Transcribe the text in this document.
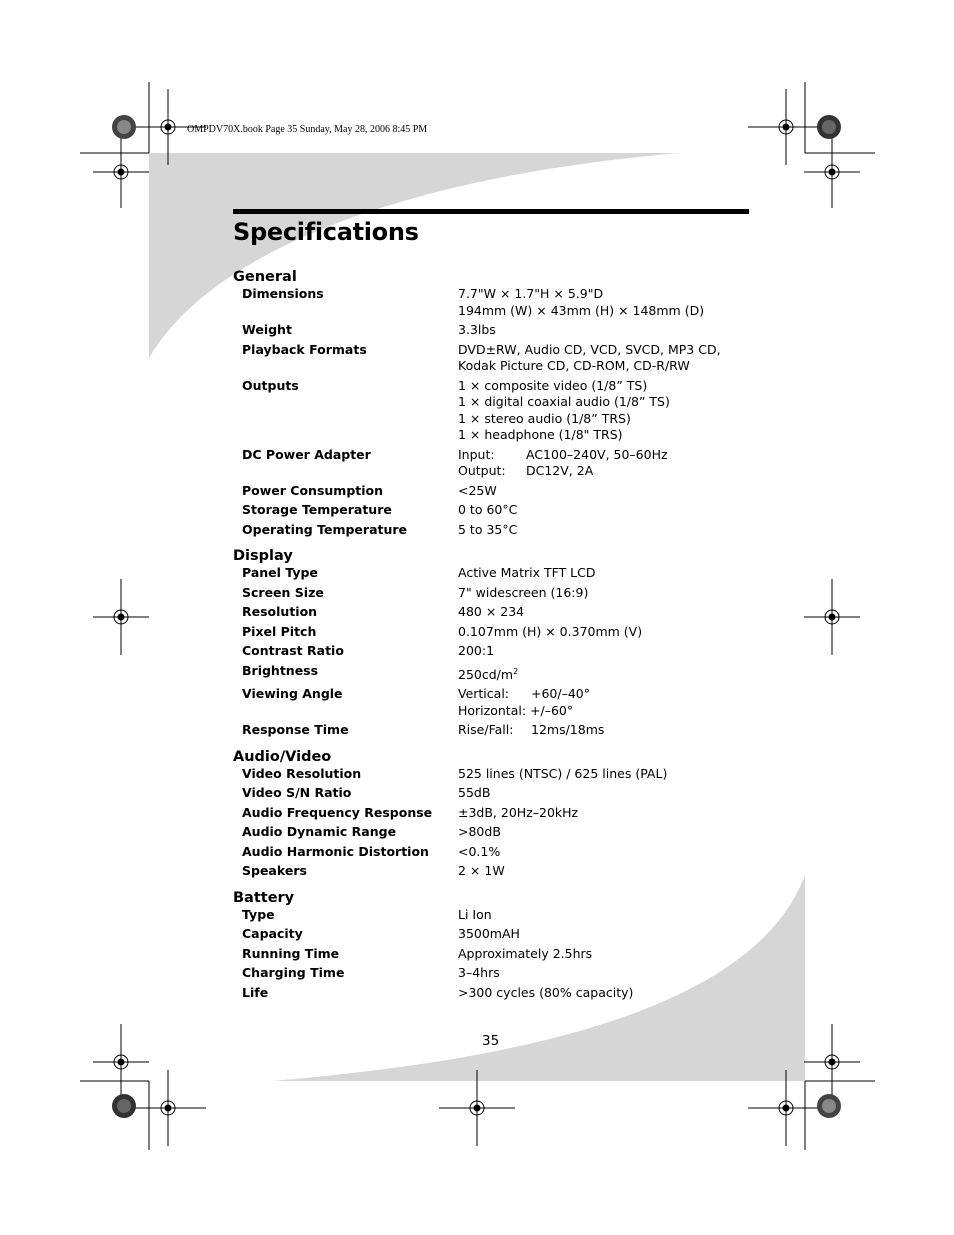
OMPDV70X.book Page 35 Sunday, May 28, 2006 8:45 PM
Specifications
General
Dimensions	7.7"W × 1.7"H × 5.9"D
194mm (W) × 43mm (H) × 148mm (D)
Weight	3.3lbs
Playback Formats	DVD±RW, Audio CD, VCD, SVCD, MP3 CD,
Kodak Picture CD, CD-ROM, CD-R/RW
Outputs	1 × composite video (1/8” TS)
1 × digital coaxial audio (1/8” TS)
1 × stereo audio (1/8” TRS)
1 × headphone (1/8" TRS)
DC Power Adapter	Input:	AC100–240V, 50–60Hz
Output: DC12V, 2A
Power Consumption	<25W
Storage Temperature	0 to 60°C
Operating Temperature	5 to 35°C
Display
Panel Type	Active Matrix TFT LCD
Screen Size	7" widescreen (16:9)
Resolution	480 × 234
Pixel Pitch	0.107mm (H) × 0.370mm (V)
Contrast Ratio	200:1
Brightness	$250cd/m^2$
Viewing Angle	Vertical: +60/–40°
Horizontal: +/–60°
Response Time	Rise/Fall: 12ms/18ms
Audio/Video
Video Resolution	525 lines (NTSC) / 625 lines (PAL)
Video S/N Ratio	55dB
Audio Frequency Response	±3dB, 20Hz–20kHz
Audio Dynamic Range	>80dB
Audio Harmonic Distortion	<0.1%
Speakers	2 × 1W
Battery
Type	Li Ion
Capacity	3500mAH
Running Time	Approximately 2.5hrs
Charging Time	3–4hrs
Life	>300 cycles (80% capacity)
35
